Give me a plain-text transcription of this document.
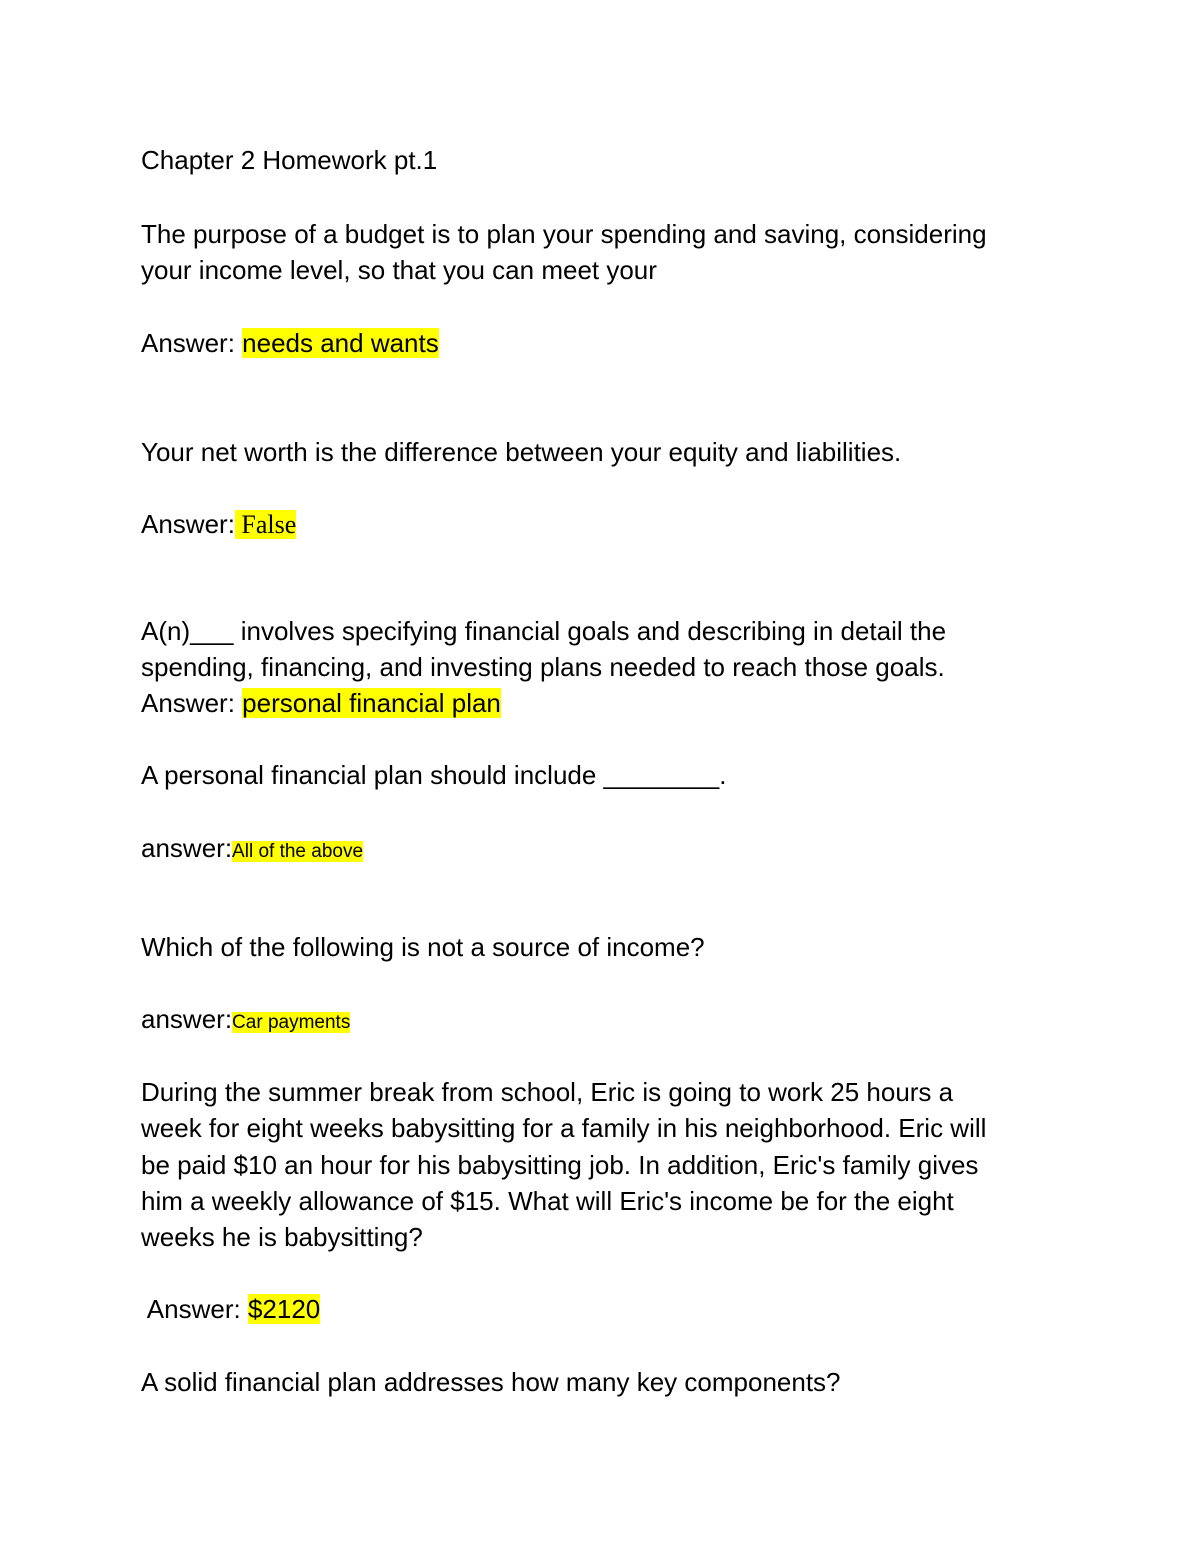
Chapter 2 Homework pt.1

The purpose of a budget is to plan your spending and saving, considering

your income level, so that you can meet your

Answer: needs and wants

Your net worth is the difference between your equity and liabilities.

Answer: False

A(n)___ involves specifying financial goals and describing in detail the

spending, financing, and investing plans needed to reach those goals.

Answer: personal financial plan

A personal financial plan should include ________.

answer:All of the above

Which of the following is not a source of income?

answer:Car payments

During the summer break from school, Eric is going to work 25 hours a

week for eight weeks babysitting for a family in his neighborhood. Eric will

be paid $10 an hour for his babysitting job. In addition, Eric's family gives

him a weekly allowance of $15. What will Eric's income be for the eight

weeks he is babysitting?

Answer: $2120

A solid financial plan addresses how many key components?
